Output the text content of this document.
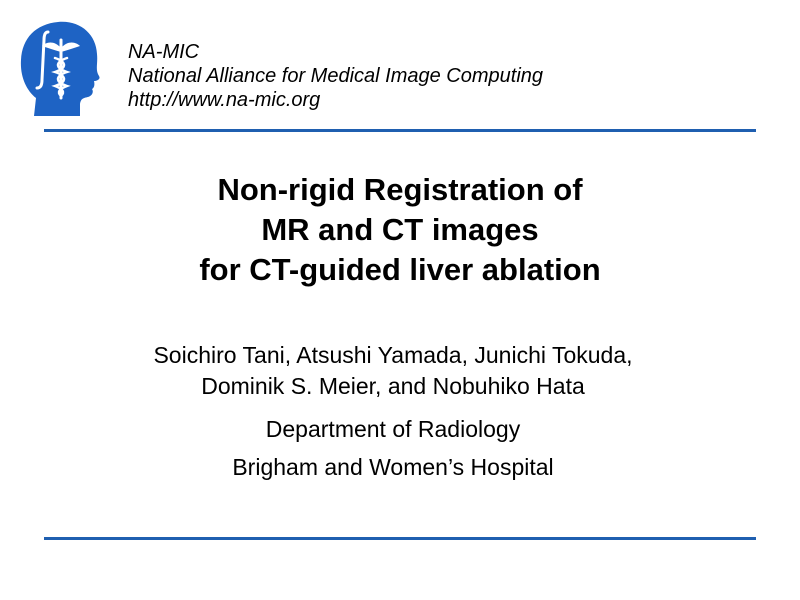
NA-MIC
National Alliance for Medical Image Computing
http://www.na-mic.org
Non-rigid Registration of
MR and CT images
for CT-guided liver ablation
Soichiro Tani, Atsushi Yamada, Junichi Tokuda,
Dominik S. Meier, and Nobuhiko Hata
Department of Radiology
Brigham and Women’s Hospital
